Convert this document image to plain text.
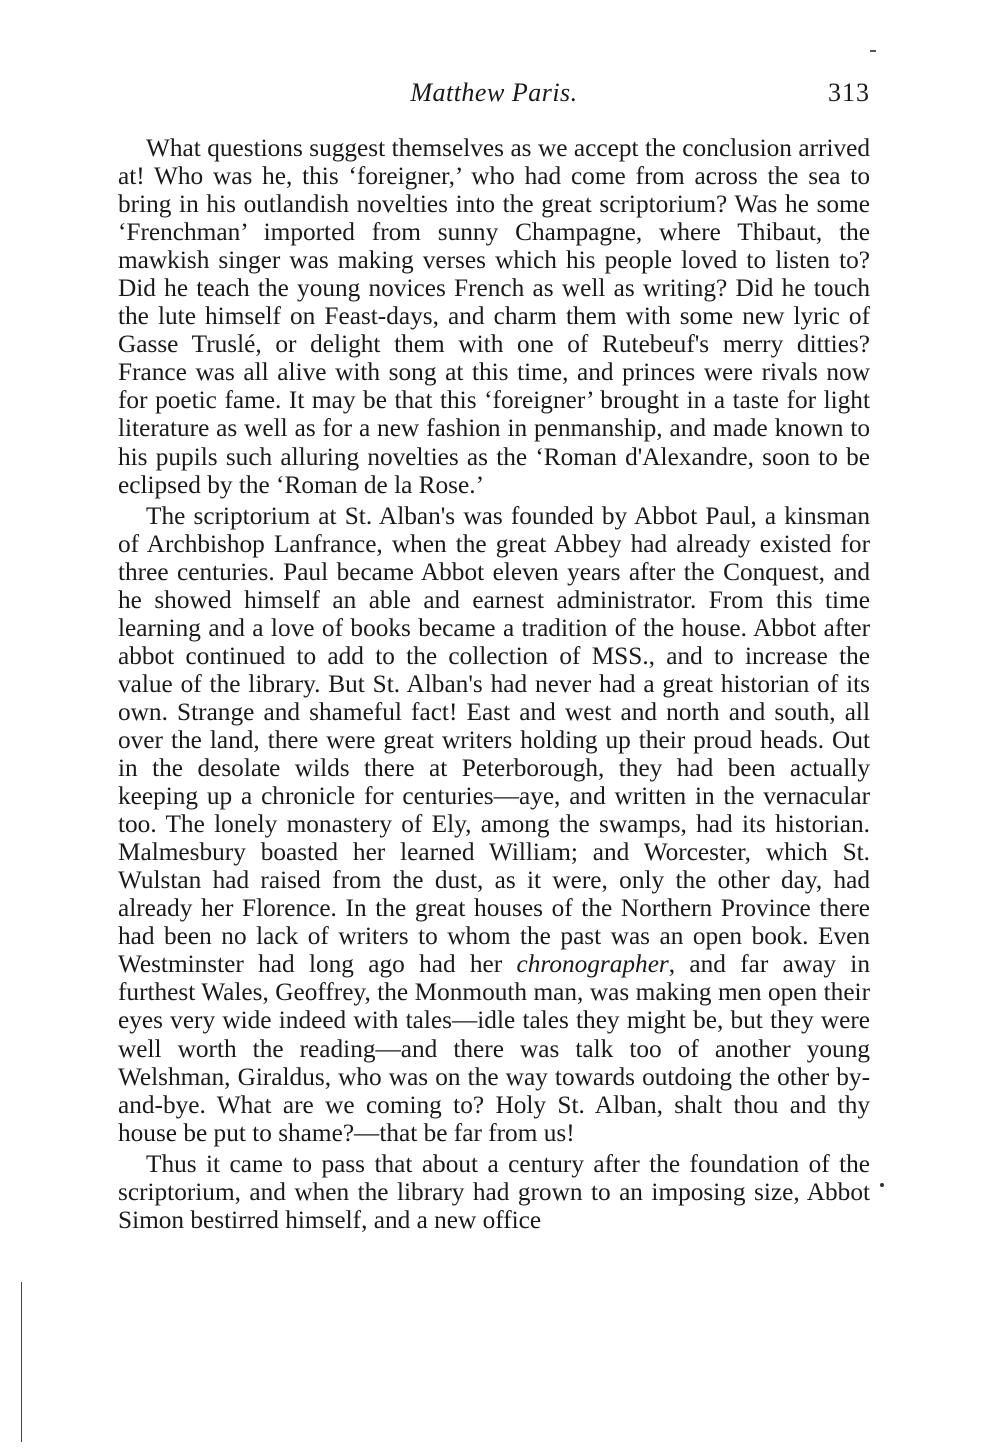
Matthew Paris.	313

What questions suggest themselves as we accept the conclusion arrived at! Who was he, this ‘foreigner,’ who had come from across the sea to bring in his outlandish novelties into the great scriptorium? Was he some ‘Frenchman’ imported from sunny Champagne, where Thibaut, the mawkish singer was making verses which his people loved to listen to? Did he teach the young novices French as well as writing? Did he touch the lute himself on Feast-days, and charm them with some new lyric of Gasse Truslé, or delight them with one of Rutebeuf's merry ditties? France was all alive with song at this time, and princes were rivals now for poetic fame. It may be that this ‘foreigner’ brought in a taste for light literature as well as for a new fashion in penmanship, and made known to his pupils such alluring novelties as the ‘Roman d'Alexandre, soon to be eclipsed by the ‘Roman de la Rose.’

The scriptorium at St. Alban's was founded by Abbot Paul, a kinsman of Archbishop Lanfrance, when the great Abbey had already existed for three centuries. Paul became Abbot eleven years after the Conquest, and he showed himself an able and earnest administrator. From this time learning and a love of books became a tradition of the house. Abbot after abbot continued to add to the collection of MSS., and to increase the value of the library. But St. Alban's had never had a great historian of its own. Strange and shameful fact! East and west and north and south, all over the land, there were great writers holding up their proud heads. Out in the desolate wilds there at Peterborough, they had been actually keeping up a chronicle for centuries—aye, and written in the vernacular too. The lonely monastery of Ely, among the swamps, had its historian. Malmesbury boasted her learned William; and Worcester, which St. Wulstan had raised from the dust, as it were, only the other day, had already her Florence. In the great houses of the Northern Province there had been no lack of writers to whom the past was an open book. Even Westminster had long ago had her chronographer, and far away in furthest Wales, Geoffrey, the Monmouth man, was making men open their eyes very wide indeed with tales—idle tales they might be, but they were well worth the reading—and there was talk too of another young Welshman, Giraldus, who was on the way towards outdoing the other by-and-bye. What are we coming to? Holy St. Alban, shalt thou and thy house be put to shame?—that be far from us!

Thus it came to pass that about a century after the foundation of the scriptorium, and when the library had grown to an imposing size, Abbot Simon bestirred himself, and a new office
